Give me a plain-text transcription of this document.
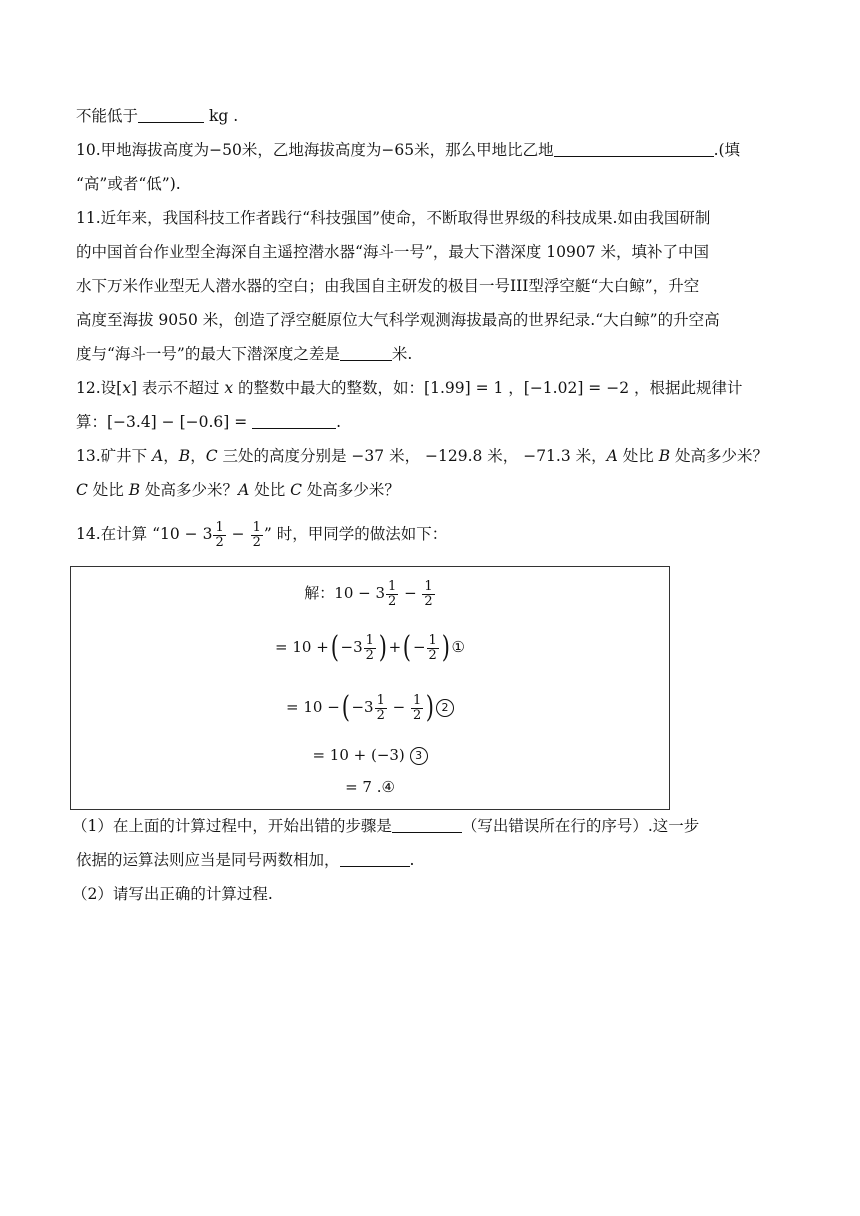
不能低于	kg .
10.甲地海拔高度为−50米，乙地海拔高度为−65米，那么甲地比乙地	.(填
“高”或者“低”).
11.近年来，我国科技工作者践行“科技强国”使命，不断取得世界级的科技成果.如由我国研制
的中国首台作业型全海深自主遥控潜水器“海斗一号”，最大下潜深度 10907 米，填补了中国
水下万米作业型无人潜水器的空白；由我国自主研发的极目一号III型浮空艇“大白鲸”，升空
高度至海拔 9050 米，创造了浮空艇原位大气科学观测海拔最高的世界纪录.“大白鲸”的升空高
度与“海斗一号”的最大下潜深度之差是	米.
12.设[x] 表示不超过 x 的整数中最大的整数，如：[1.99] = 1 ，[−1.02] = −2 ，根据此规律计
算：[−3.4] − [−0.6] =	.
13.矿井下 A，B，C 三处的高度分别是 −37 米， −129.8 米， −71.3 米，A 处比 B 处高多少米？
C 处比 B 处高多少米？A 处比 C 处高多少米？
14.在计算 “$10 - 3 \frac{1}{2} - \frac{1}{2}$ ” 时，甲同学的做法如下：
解：$10 - 3 \frac{1}{2} - \frac{1}{2}$
= 10 +( $-3 \frac{1}{2}$ ) +( − $\frac{1}{2}$ ) ①
= 10 −( $-3 \frac{1}{2} - \frac{1}{2}$ ) 2
= 10 + (−3) 3
= 7 .④
（1）在上面的计算过程中，开始出错的步骤是	（写出错误所在行的序号）.这一步
依据的运算法则应当是同号两数相加，	.
（2）请写出正确的计算过程.
